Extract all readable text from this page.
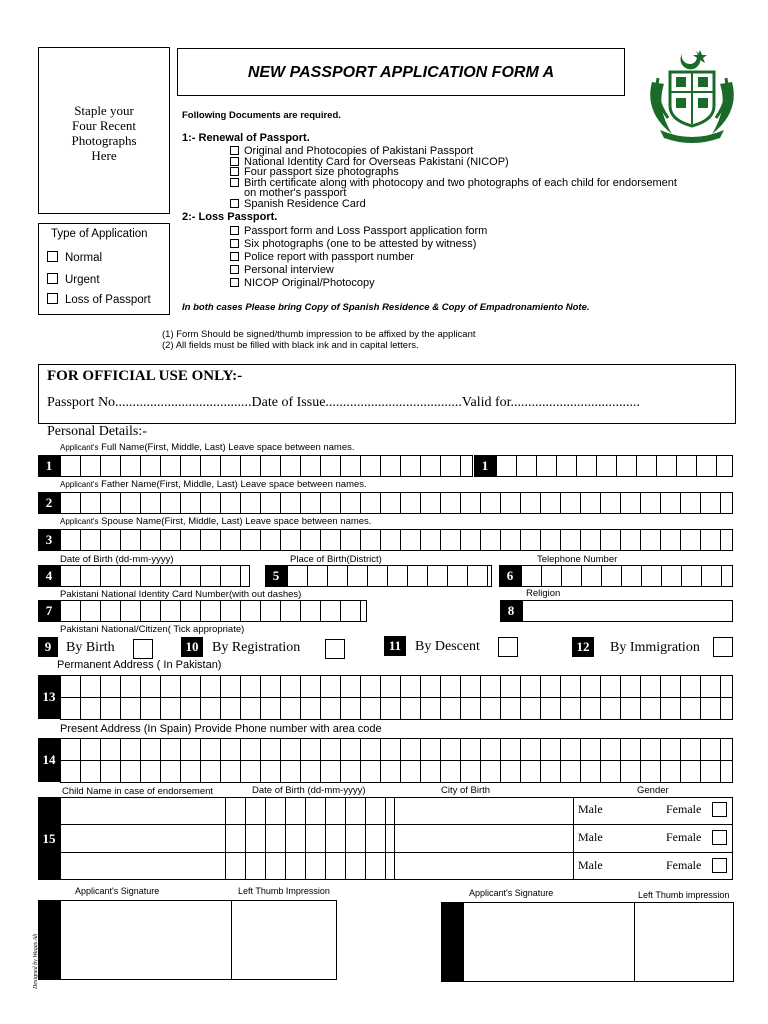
Staple your
Four Recent
Photographs
Here
NEW PASSPORT APPLICATION FORM A
Following Documents are required.
1:- Renewal of Passport.
Original and Photocopies of Pakistani Passport
National Identity Card for Overseas Pakistani (NICOP)
Four passport size photographs
Birth certificate along with photocopy and two photographs of each child for endorsement
on mother's passport
Spanish Residence Card
2:- Loss Passport.
Passport form and Loss Passport application form
Six photographs (one to be attested by witness)
Police report with passport number
Personal interview
NICOP Original/Photocopy
In both cases Please bring Copy of Spanish Residence & Copy of Empadronamiento Note.
Type of Application
Normal
Urgent
Loss of Passport
(1) Form Should be signed/thumb impression to be affixed by the applicant
(2) All fields must be filled with black ink and in capital letters.
FOR OFFICIAL USE ONLY:-
Passport No.......................................Date of Issue.......................................Valid for.....................................
Personal Details:-
Applicant's Full Name(First, Middle, Last) Leave space between names.
1	1
Applicant's Father Name(First, Middle, Last) Leave space between names.
2
Applicant's Spouse Name(First, Middle, Last) Leave space between names.
3
Date of Birth (dd-mm-yyyy)	Place of Birth(District)	Telephone Number
4	5	6
Pakistani National Identity Card Number(with out dashes)	Religion
7	8
Pakistani National/Citizen( Tick appropriate)
9	By Birth	10 By Registration	11 By Descent	12	By Immigration
Permanent Address ( In Pakistan)
13
Present Address (In Spain) Provide Phone number with area code
14
Child Name in case of endorsement	Date of Birth (dd-mm-yyyy)	City of Birth	Gender
15
Male	Female
Male	Female
Male	Female
Applicant's Signature	Left Thumb Impression	Applicant's Signature	Left Thumb impression
Designed by Waqas Ali
